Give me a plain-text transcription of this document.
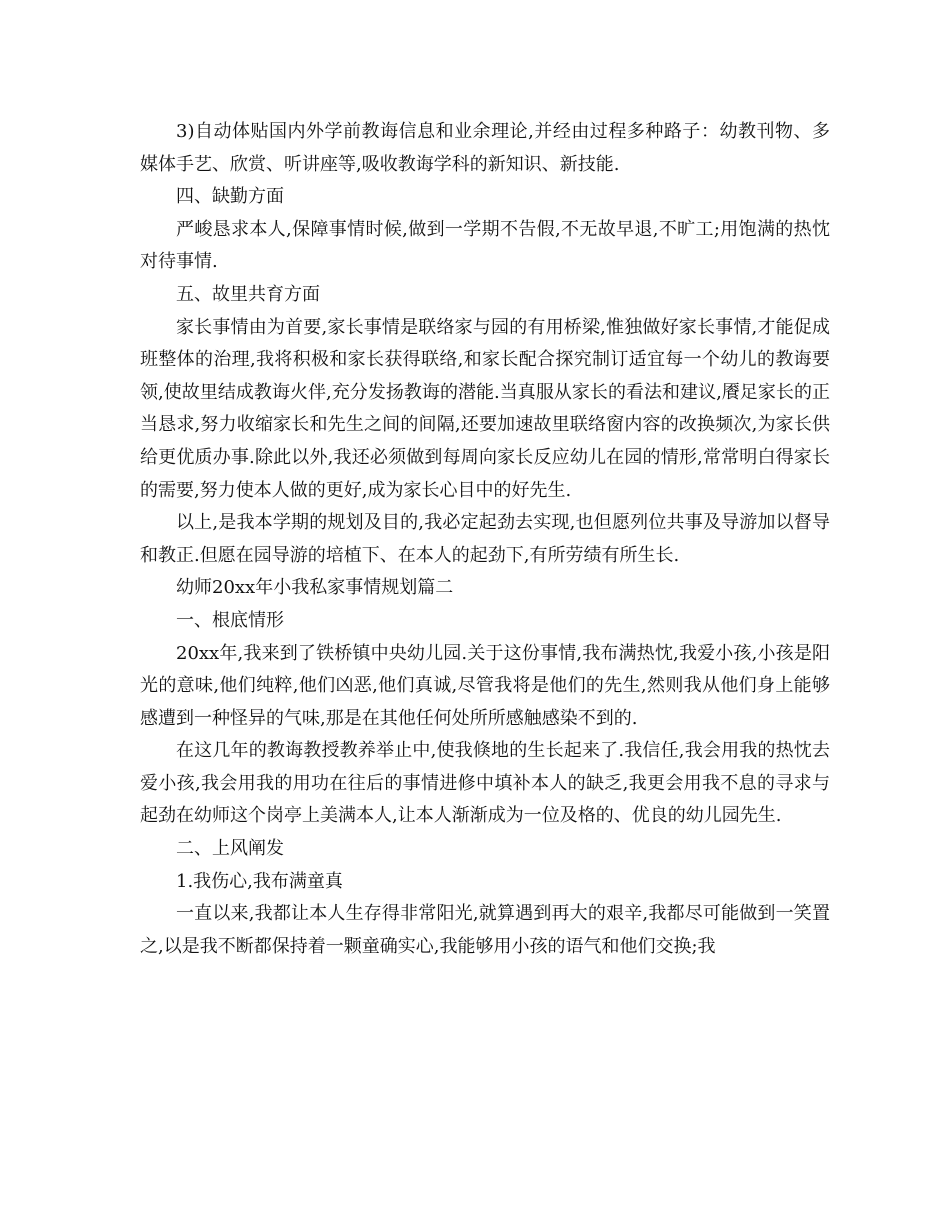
3)自动体贴国内外学前教诲信息和业余理论,并经由过程多种路子：幼教刊物、多媒体手艺、欣赏、听讲座等,吸收教诲学科的新知识、新技能.

四、缺勤方面

严峻恳求本人,保障事情时候,做到一学期不告假,不无故早退,不旷工;用饱满的热忱对待事情.

五、故里共育方面

家长事情由为首要,家长事情是联络家与园的有用桥梁,惟独做好家长事情,才能促成班整体的治理,我将积极和家长获得联络,和家长配合探究制订适宜每一个幼儿的教诲要领,使故里结成教诲火伴,充分发扬教诲的潜能.当真服从家长的看法和建议,餍足家长的正当恳求,努力收缩家长和先生之间的间隔,还要加速故里联络窗内容的改换频次,为家长供给更优质办事.除此以外,我还必须做到每周向家长反应幼儿在园的情形,常常明白得家长的需要,努力使本人做的更好,成为家长心目中的好先生.

以上,是我本学期的规划及目的,我必定起劲去实现,也但愿列位共事及导游加以督导和教正.但愿在园导游的培植下、在本人的起劲下,有所劳绩有所生长.

幼师20xx年小我私家事情规划篇二

一、根底情形

20xx年,我来到了铁桥镇中央幼儿园.关于这份事情,我布满热忱,我爱小孩,小孩是阳光的意味,他们纯粹,他们凶恶,他们真诚,尽管我将是他们的先生,然则我从他们身上能够感遭到一种怪异的气味,那是在其他任何处所所感触感染不到的.

在这几年的教诲教授教养举止中,使我倏地的生长起来了.我信任,我会用我的热忱去爱小孩,我会用我的用功在往后的事情进修中填补本人的缺乏,我更会用我不息的寻求与起劲在幼师这个岗亭上美满本人,让本人渐渐成为一位及格的、优良的幼儿园先生.

二、上风阐发

1.我伤心,我布满童真

一直以来,我都让本人生存得非常阳光,就算遇到再大的艰辛,我都尽可能做到一笑置之,以是我不断都保持着一颗童确实心,我能够用小孩的语气和他们交换;我
